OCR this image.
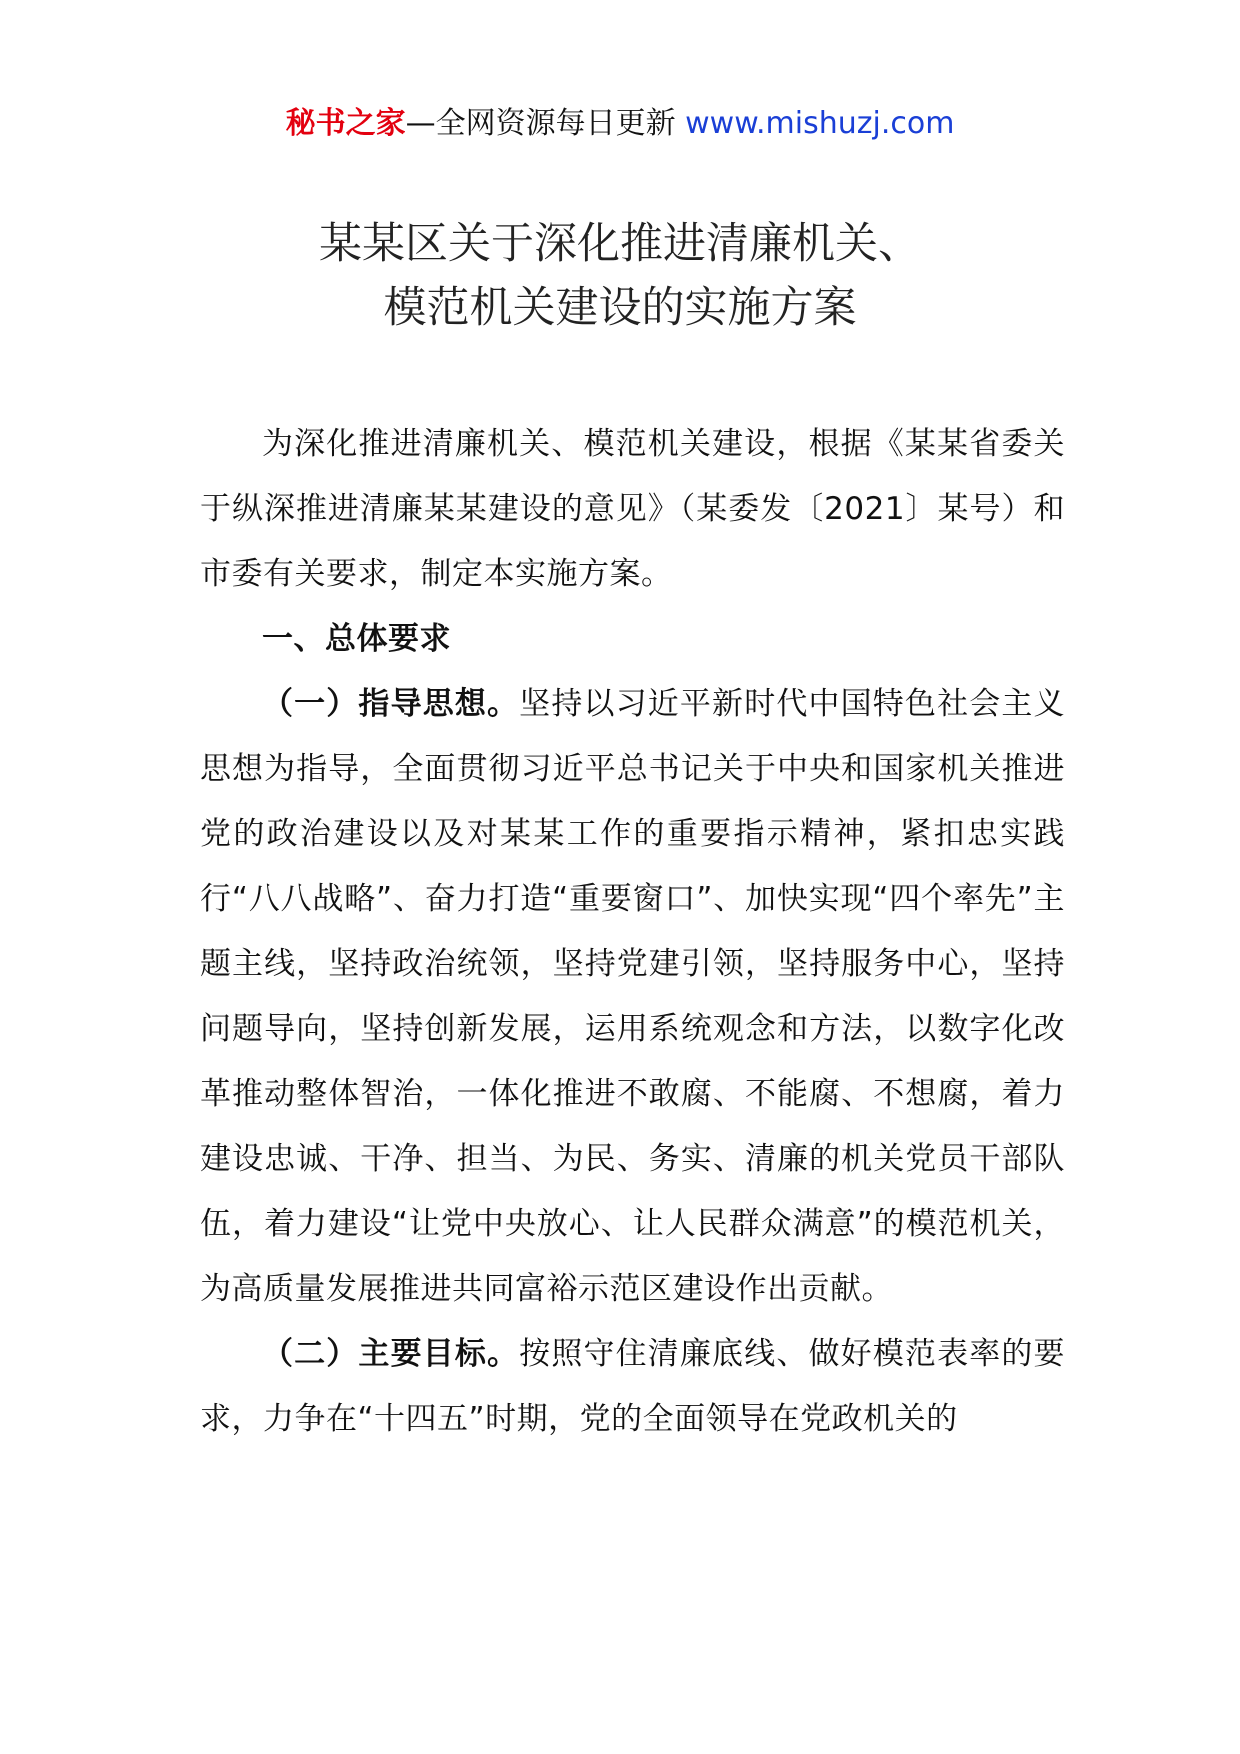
秘书之家—全网资源每日更新 www.mishuzj.com
某某区关于深化推进清廉机关、
模范机关建设的实施方案

为深化推进清廉机关、模范机关建设，根据《某某省委关于纵深推进清廉某某建设的意见》（某委发〔2021〕某号）和市委有关要求，制定本实施方案。

一、总体要求

（一）指导思想。坚持以习近平新时代中国特色社会主义思想为指导，全面贯彻习近平总书记关于中央和国家机关推进党的政治建设以及对某某工作的重要指示精神，紧扣忠实践行“八八战略”、奋力打造“重要窗口”、加快实现“四个率先”主题主线，坚持政治统领，坚持党建引领，坚持服务中心，坚持问题导向，坚持创新发展，运用系统观念和方法，以数字化改革推动整体智治，一体化推进不敢腐、不能腐、不想腐，着力建设忠诚、干净、担当、为民、务实、清廉的机关党员干部队伍，着力建设“让党中央放心、让人民群众满意”的模范机关，为高质量发展推进共同富裕示范区建设作出贡献。

（二）主要目标。按照守住清廉底线、做好模范表率的要求，力争在“十四五”时期，党的全面领导在党政机关的
